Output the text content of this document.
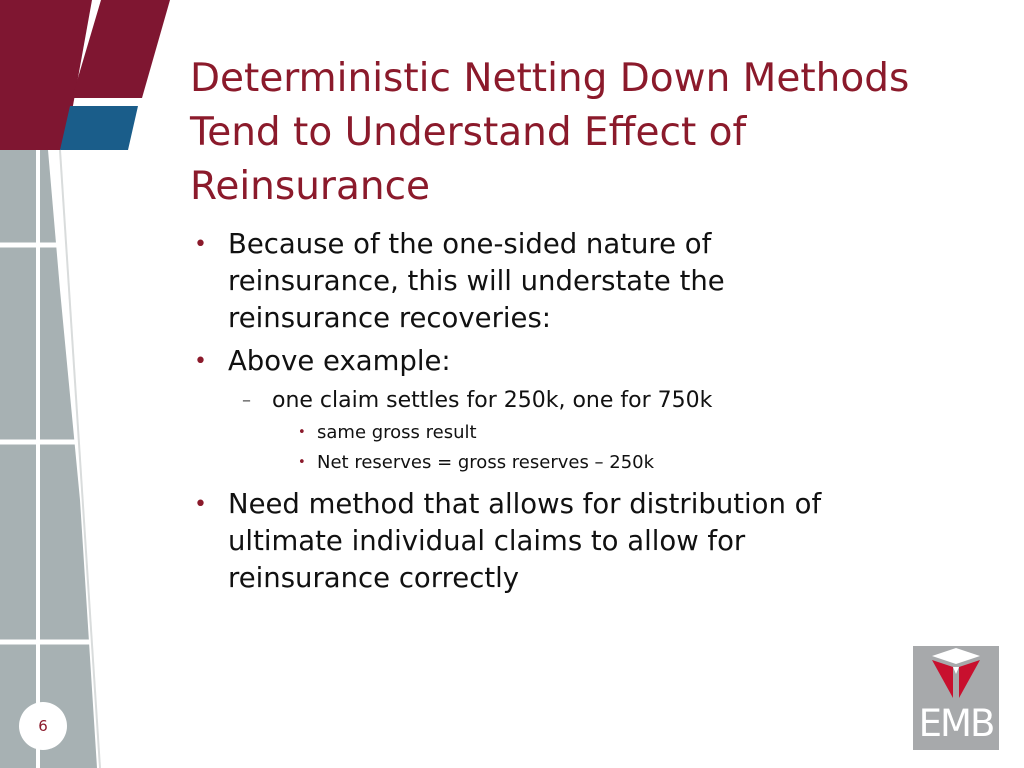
Deterministic Netting Down Methods
Tend to Understand Effect of
Reinsurance
• Because of the one-sided nature of
reinsurance, this will understate the
reinsurance recoveries:
• Above example:
– one claim settles for 250k, one for 750k
• same gross result
• Net reserves = gross reserves – 250k
• Need method that allows for distribution of
ultimate individual claims to allow for
reinsurance correctly
6	EMB
